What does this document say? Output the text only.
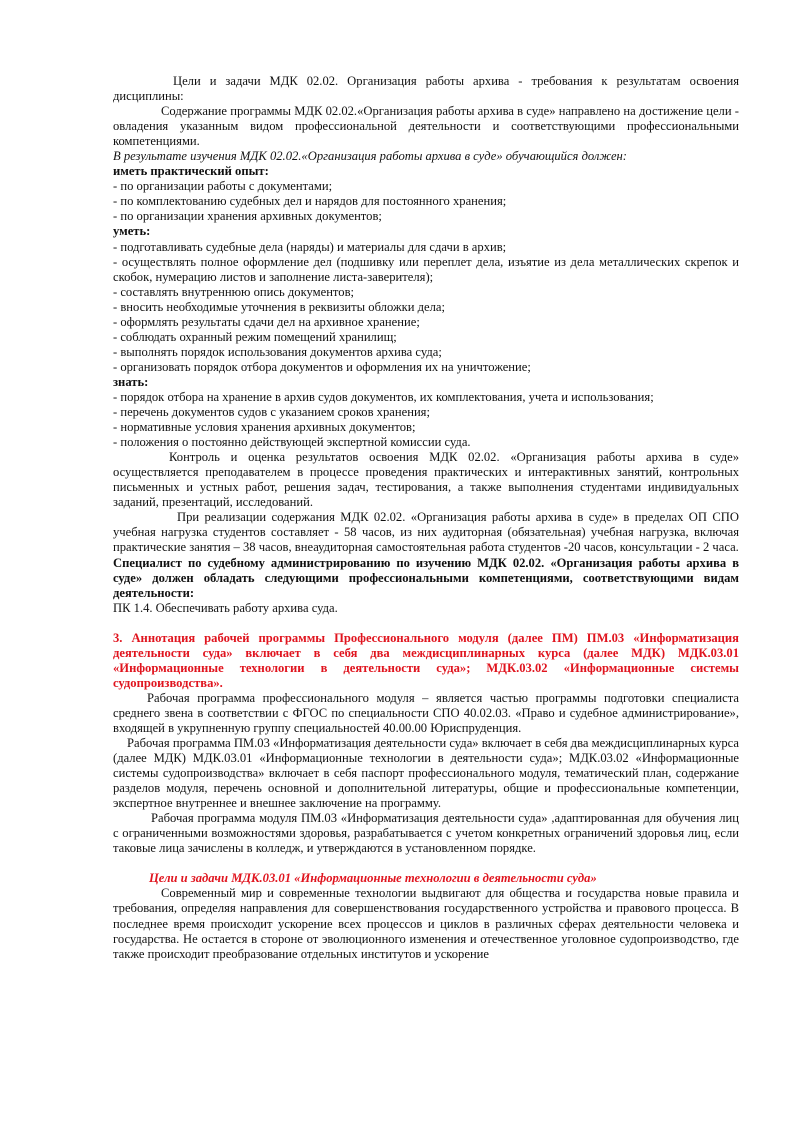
Цели и задачи МДК 02.02. Организация работы архива - требования к результатам освоения дисциплины:

Содержание программы МДК 02.02.«Организация работы архива в суде» направлено на достижение цели - овладения указанным видом профессиональной деятельности и соответствующими профессиональными компетенциями.

В результате изучения МДК 02.02.«Организация работы архива в суде» обучающийся должен:

иметь практический опыт:

- по организации работы с документами;
- по комплектованию судебных дел и нарядов для постоянного хранения;
- по организации хранения архивных документов;

уметь:

- подготавливать судебные дела (наряды) и материалы для сдачи в архив;
- осуществлять полное оформление дел (подшивку или переплет дела, изъятие из дела металлических скрепок и скобок, нумерацию листов и заполнение листа-заверителя);
- составлять внутреннюю опись документов;
- вносить необходимые уточнения в реквизиты обложки дела;
- оформлять результаты сдачи дел на архивное хранение;
- соблюдать охранный режим помещений хранилищ;
- выполнять порядок использования документов архива суда;
- организовать порядок отбора документов и оформления их на уничтожение;

знать:

- порядок отбора на хранение в архив судов документов, их комплектования, учета и использования;
- перечень документов судов с указанием сроков хранения;
- нормативные условия хранения архивных документов;
- положения о постоянно действующей экспертной комиссии суда.

Контроль и оценка результатов освоения МДК 02.02. «Организация работы архива в суде» осуществляется преподавателем в процессе проведения практических и интерактивных занятий, контрольных письменных и устных работ, решения задач, тестирования, а также выполнения студентами индивидуальных заданий, презентаций, исследований.

При реализации содержания МДК 02.02. «Организация работы архива в суде» в пределах ОП СПО учебная нагрузка студентов составляет - 58 часов, из них аудиторная (обязательная) учебная нагрузка, включая практические занятия – 38 часов, внеаудиторная самостоятельная работа студентов -20 часов, консультации - 2 часа.

Специалист по судебному администрированию по изучению МДК 02.02. «Организация работы архива в суде» должен обладать следующими профессиональными компетенциями, соответствующими видам деятельности:

ПК 1.4. Обеспечивать работу архива суда.

3. Аннотация рабочей программы Профессионального модуля (далее ПМ) ПМ.03 «Информатизация деятельности суда» включает в себя два междисциплинарных курса (далее МДК) МДК.03.01 «Информационные технологии в деятельности суда»; МДК.03.02 «Информационные системы судопроизводства».

Рабочая программа профессионального модуля – является частью программы подготовки специалиста среднего звена в соответствии с ФГОС по специальности СПО 40.02.03. «Право и судебное администрирование», входящей в укрупненную группу специальностей 40.00.00 Юриспруденция.

Рабочая программа ПМ.03 «Информатизация деятельности суда» включает в себя два междисциплинарных курса (далее МДК) МДК.03.01 «Информационные технологии в деятельности суда»; МДК.03.02 «Информационные системы судопроизводства» включает в себя паспорт профессионального модуля, тематический план, содержание разделов модуля, перечень основной и дополнительной литературы, общие и профессиональные компетенции, экспертное внутреннее и внешнее заключение на программу.

Рабочая программа модуля ПМ.03 «Информатизация деятельности суда» ,адаптированная для обучения лиц с ограниченными возможностями здоровья, разрабатывается с учетом конкретных ограничений здоровья лиц, если таковые лица зачислены в колледж, и утверждаются в установленном порядке.

Цели и задачи МДК.03.01 «Информационные технологии в деятельности суда»

Современный мир и современные технологии выдвигают для общества и государства новые правила и требования, определяя направления для совершенствования государственного устройства и правового процесса. В последнее время происходит ускорение всех процессов и циклов в различных сферах деятельности человека и государства. Не остается в стороне от эволюционного изменения и отечественное уголовное судопроизводство, где также происходит преобразование отдельных институтов и ускорение
